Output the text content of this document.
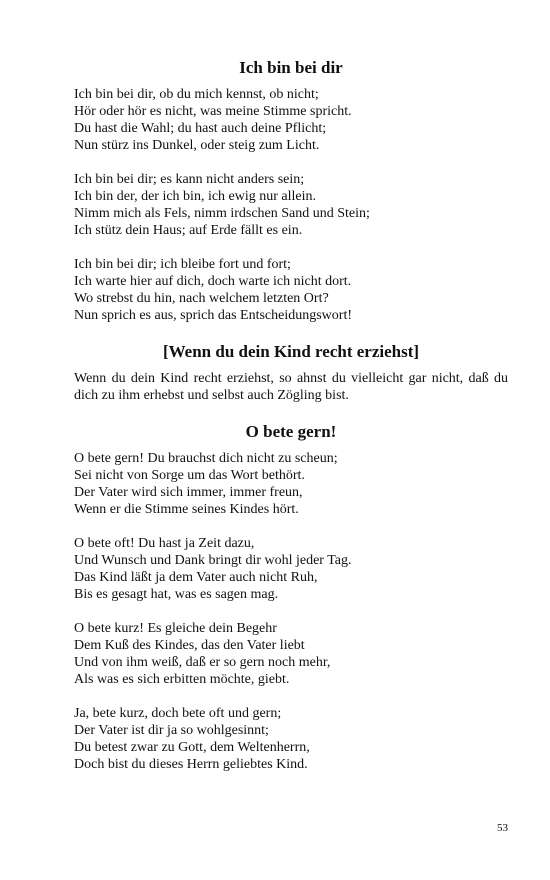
Ich bin bei dir
Ich bin bei dir, ob du mich kennst, ob nicht;
Hör oder hör es nicht, was meine Stimme spricht.
Du hast die Wahl; du hast auch deine Pflicht;
Nun stürz ins Dunkel, oder steig zum Licht.
Ich bin bei dir; es kann nicht anders sein;
Ich bin der, der ich bin, ich ewig nur allein.
Nimm mich als Fels, nimm irdschen Sand und Stein;
Ich stütz dein Haus; auf Erde fällt es ein.
Ich bin bei dir; ich bleibe fort und fort;
Ich warte hier auf dich, doch warte ich nicht dort.
Wo strebst du hin, nach welchem letzten Ort?
Nun sprich es aus, sprich das Entscheidungswort!
[Wenn du dein Kind recht erziehst]

Wenn du dein Kind recht erziehst, so ahnst du vielleicht gar nicht, daß du dich zu ihm erhebst und selbst auch Zögling bist.

O bete gern!
O bete gern! Du brauchst dich nicht zu scheun;
Sei nicht von Sorge um das Wort bethört.
Der Vater wird sich immer, immer freun,
Wenn er die Stimme seines Kindes hört.
O bete oft! Du hast ja Zeit dazu,
Und Wunsch und Dank bringt dir wohl jeder Tag.
Das Kind läßt ja dem Vater auch nicht Ruh,
Bis es gesagt hat, was es sagen mag.
O bete kurz! Es gleiche dein Begehr
Dem Kuß des Kindes, das den Vater liebt
Und von ihm weiß, daß er so gern noch mehr,
Als was es sich erbitten möchte, giebt.
Ja, bete kurz, doch bete oft und gern;
Der Vater ist dir ja so wohlgesinnt;
Du betest zwar zu Gott, dem Weltenherrn,
Doch bist du dieses Herrn geliebtes Kind.
53
